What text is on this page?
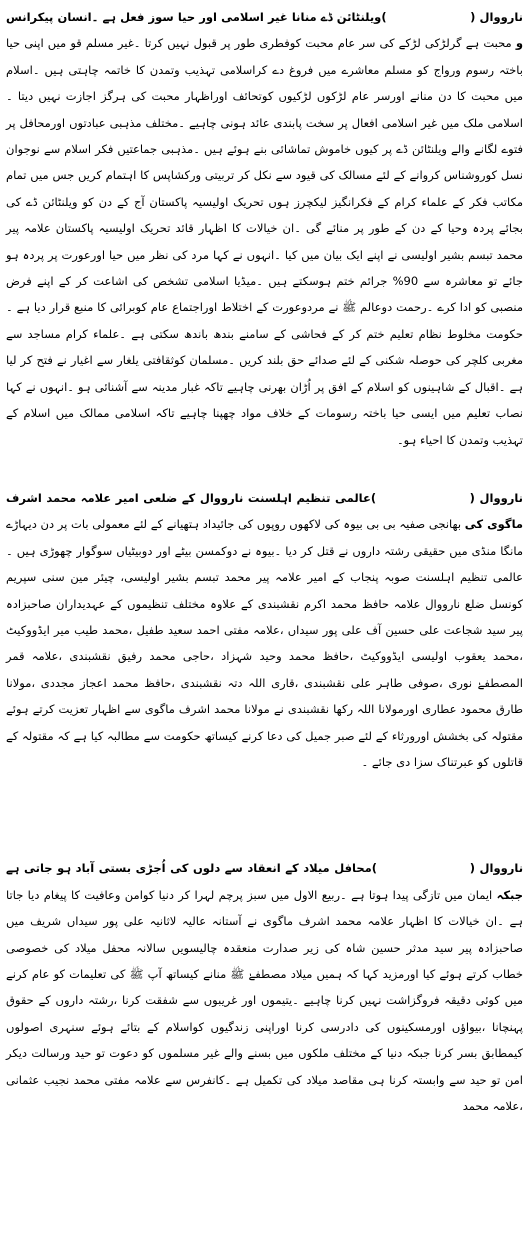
نارووال (                      )ویلنٹائن ڈے منانا غیر اسلامی اور حیا سوز فعل ہے ۔انسان پیکرانس و محبت ہے گرلڑکی لڑکے کی سر عام محبت کوفطری طور پر قبول نہیں کرتا ۔غیر مسلم قو میں اپنی حیا باختہ رسوم ورواج کو مسلم معاشرے میں فروغ دے کراسلامی تہذیب وتمدن کا خاتمہ چاہتی ہیں ۔اسلام میں محبت کا دن منانے اورسر عام لڑکوں لڑکیوں کوتحائف اوراظہار محبت کی ہرگز اجازت نہیں دیتا ۔اسلامی ملک میں غیر اسلامی افعال پر سخت پابندی عائد ہونی چاہیے ۔مختلف مذہبی عبادتوں اورمحافل پر فتوے لگانے والے ویلنٹائن ڈے پر کیوں خاموش تماشائی بنے ہوئے ہیں ۔مذہبی جماعتیں فکر اسلام سے نوجوان نسل کوروشناس کروانے کے لئے مسالک کی قیود سے نکل کر تربیتی ورکشاپس کا اہتمام کریں جس میں تمام مکاتب فکر کے علماء کرام کے فکرانگیز لیکچرز ہوں تحریک اولیسیہ پاکستان آج کے دن کو ویلنٹائن ڈے کی بجائے پردہ وحیا کے دن کے طور پر منائے گی ۔ان خیالات کا اظہار قائد تحریک اولیسیہ پاکستان علامہ پیر محمد تبسم بشیر اولیسی نے اپنے ایک بیان میں کیا ۔انہوں نے کہا مرد کی نظر میں حیا اورعورت پر پردہ ہو جائے تو معاشرہ سے 90% جرائم ختم ہوسکتے ہیں ۔میڈیا اسلامی تشخص کی اشاعت کر کے اپنے فرض منصبی کو ادا کرے ۔رحمت دوعالم ﷺ نے مردوعورت کے اختلاط اوراجتماع عام کوبرائی کا منبع قرار دیا ہے ۔حکومت مخلوط نظام تعلیم ختم کر کے فحاشی کے سامنے بندھ باندھ سکتی ہے ۔علماء کرام مساجد سے مغربی کلچر کی حوصلہ شکنی کے لئے صدائے حق بلند کریں ۔مسلمان کوثقافتی یلغار سے اغیار نے فتح کر لیا ہے ۔اقبال کے شاہینوں کو اسلام کے افق پر اُڑان بھرنی چاہیے تاکہ غبار مدینہ سے آشنائی ہو ۔انہوں نے کہا نصاب تعلیم میں ایسی حیا باختہ رسومات کے خلاف مواد چھپنا چاہیے تاکہ اسلامی ممالک میں اسلام کے تہذیب وتمدن کا احیاء ہو۔

نارووال (                      )عالمی تنظیم اہلسنت نارووال کے ضلعی امیر علامہ محمد اشرف ماگوی کی بھانجی صفیہ بی بی بیوہ کی لاکھوں روپوں کی جائیداد ہتھیانے کے لئے معمولی بات پر دن دیہاڑے مانگا منڈی میں حقیقی رشتہ داروں نے قتل کر دیا ۔بیوہ نے دوکمسن بیٹے اور دوبیٹیاں سوگوار چھوڑی ہیں ۔عالمی تنظیم اہلسنت صوبہ پنجاب کے امیر علامہ پیر محمد تبسم بشیر اولیسی، چیئر مین سنی سپریم کونسل ضلع نارووال علامہ حافظ محمد اکرم نقشبندی کے علاوہ مختلف تنظیموں کے عہدیداران صاحبزادہ پیر سید شجاعت علی حسین آف علی پور سیداں ،علامہ مفتی احمد سعید طفیل ،محمد طیب میر ایڈووکیٹ ،محمد یعقوب اولیسی ایڈووکیٹ ،حافظ محمد وحید شہزاد ،حاجی محمد رفیق نقشبندی ،علامہ قمر المصطفےٰ نوری ،صوفی طاہر علی نقشبندی ،قاری اللہ دتہ نقشبندی ،حافظ محمد اعجاز مجددی ،مولانا طارق محمود عطاری اورمولانا اللہ رکھا نقشبندی نے مولانا محمد اشرف ماگوی سے اظہار تعزیت کرتے ہوئے مقتولہ کی بخشش اورورثاء کے لئے صبر جمیل کی دعا کرنے کیساتھ حکومت سے مطالبہ کیا ہے کہ مقتولہ کے قاتلوں کو عبرتناک سزا دی جائے ۔

نارووال (                      )محافل میلاد کے انعقاد سے دلوں کی اُجڑی بستی آباد ہو جاتی ہے جبکہ ایمان میں تازگی پیدا ہوتا ہے ۔ربیع الاول میں سبز پرچم لہرا کر دنیا کوامن وعافیت کا پیغام دیا جاتا ہے ۔ان خیالات کا اظہار علامہ محمد اشرف ماگوی نے آستانہ عالیہ لاثانیہ علی پور سیداں شریف میں صاحبزادہ پیر سید مدثر حسین شاہ کی زیر صدارت منعقدہ چالیسویں سالانہ محفل میلاد کی خصوصی خطاب کرتے ہوئے کیا اورمزید کہا کہ ہمیں میلاد مصطفےٰ ﷺ منانے کیساتھ آپ ﷺ کی تعلیمات کو عام کرنے میں کوئی دقیقہ فروگزاشت نہیں کرنا چاہیے ۔یتیموں اور غریبوں سے شفقت کرنا ،رشتہ داروں کے حقوق پہنچانا ،بیواؤں اورمسکینوں کی دادرسی کرنا اوراپنی زندگیوں کواسلام کے بتائے ہوئے سنہری اصولوں کیمطابق بسر کرنا جبکہ دنیا کے مختلف ملکوں میں بسنے والے غیر مسلموں کو دعوت تو حید ورسالت دیکر امن تو حید سے وابستہ کرنا ہی مقاصد میلاد کی تکمیل ہے ۔کانفرس سے علامہ مفتی محمد نجیب عثمانی ،علامہ محمد
